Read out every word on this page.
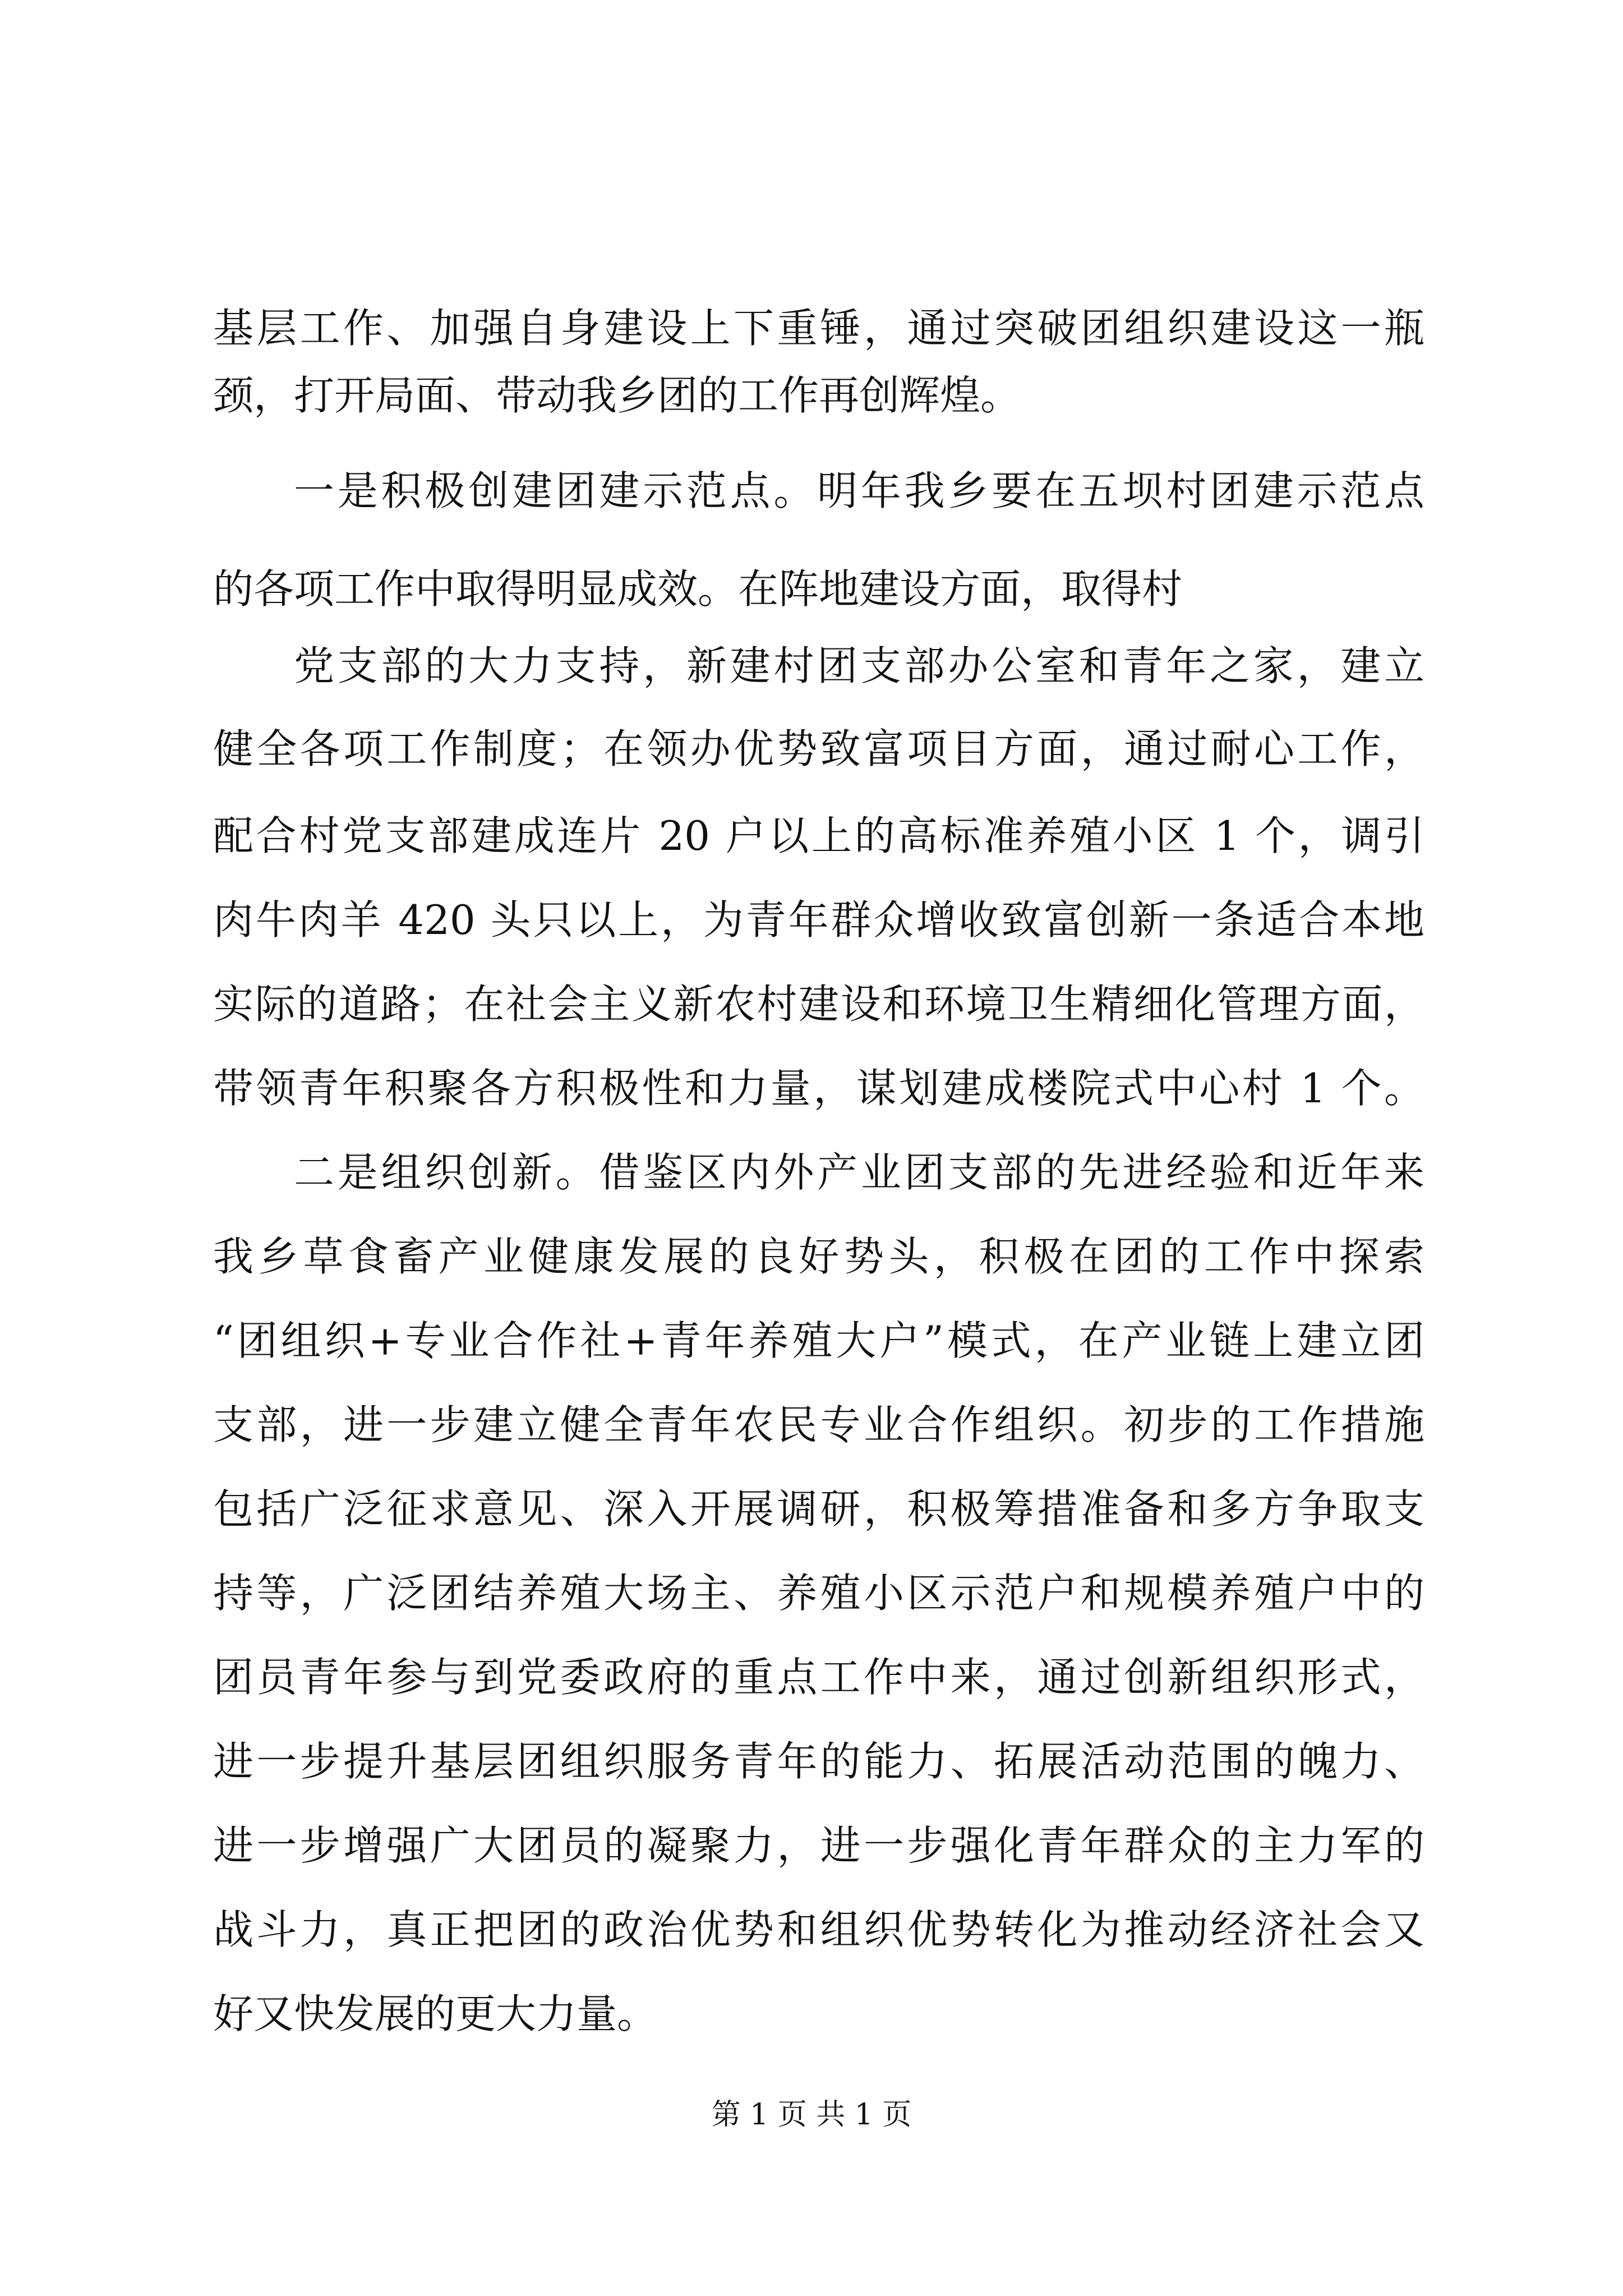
基层工作、加强自身建设上下重锤，通过突破团组织建设这一瓶
颈，打开局面、带动我乡团的工作再创辉煌。
一是积极创建团建示范点。明年我乡要在五坝村团建示范点
的各项工作中取得明显成效。在阵地建设方面，取得村
党支部的大力支持，新建村团支部办公室和青年之家，建立
健全各项工作制度；在领办优势致富项目方面，通过耐心工作，
配合村党支部建成连片 20 户以上的高标准养殖小区 1 个，调引
肉牛肉羊 420 头只以上，为青年群众增收致富创新一条适合本地
实际的道路；在社会主义新农村建设和环境卫生精细化管理方面，
带领青年积聚各方积极性和力量，谋划建成楼院式中心村 1 个。
二是组织创新。借鉴区内外产业团支部的先进经验和近年来
我乡草食畜产业健康发展的良好势头，积极在团的工作中探索
“团组织+专业合作社+青年养殖大户”模式，在产业链上建立团
支部，进一步建立健全青年农民专业合作组织。初步的工作措施
包括广泛征求意见、深入开展调研，积极筹措准备和多方争取支
持等，广泛团结养殖大场主、养殖小区示范户和规模养殖户中的
团员青年参与到党委政府的重点工作中来，通过创新组织形式，
进一步提升基层团组织服务青年的能力、拓展活动范围的魄力、
进一步增强广大团员的凝聚力，进一步强化青年群众的主力军的
战斗力，真正把团的政治优势和组织优势转化为推动经济社会又
好又快发展的更大力量。
第 1 页 共 1 页
